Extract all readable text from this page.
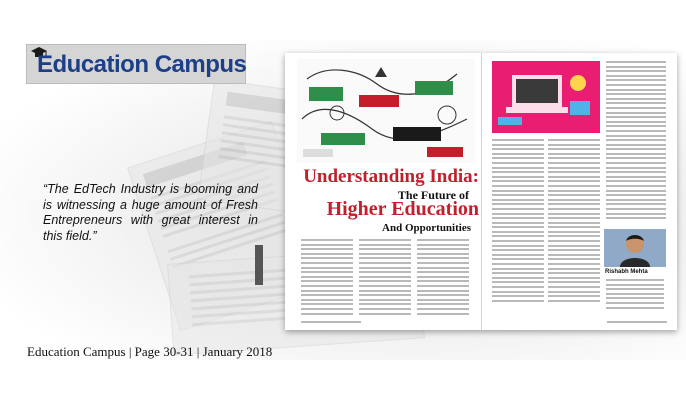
Education Campus
“The EdTech Industry is booming and is witnessing a huge amount of Fresh Entrepreneurs with great interest in this field.”
Understanding India:
The Future of
Higher Education
And Opportunities
Rishabh Mehta
Education Campus | Page 30-31 | January 2018
